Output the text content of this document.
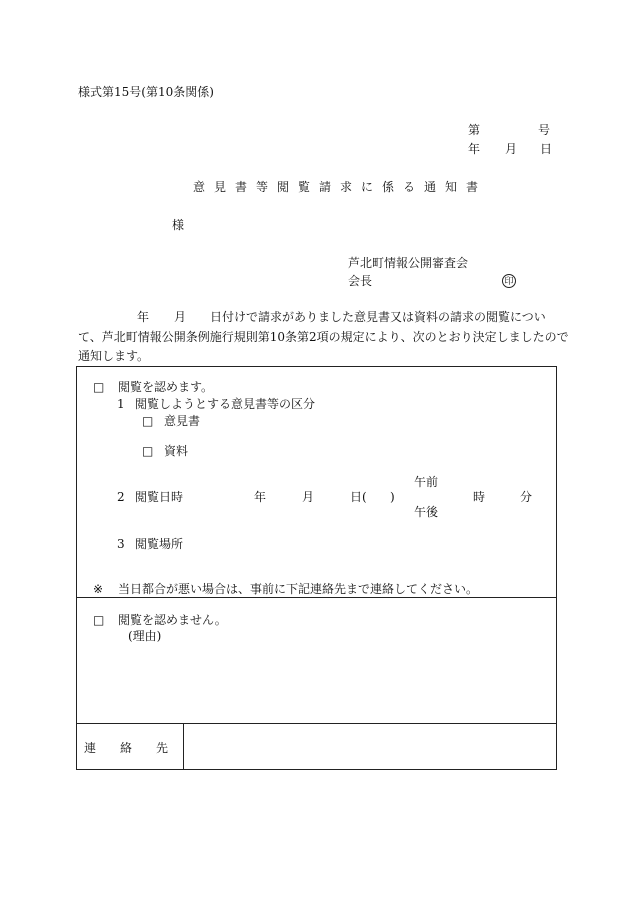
様式第15号(第10条関係)
第	号
年 月 日
意見書等閲覧請求に係る通知書
様
芦北町情報公開審査会
会長	印
年 月 日付けで請求がありました意見書又は資料の請求の閲覧につい
て、芦北町情報公開条例施行規則第10条第2項の規定により、次のとおり決定しましたので
通知します。
□ 閲覧を認めます。
1 閲覧しようとする意見書等の区分
□ 意見書
□ 資料
午前
2 閲覧日時	年	月	日( )	時	分
午後
3 閲覧場所
※ 当日都合が悪い場合は、事前に下記連絡先まで連絡してください。
□ 閲覧を認めません。
(理由)
連　　絡　　先
